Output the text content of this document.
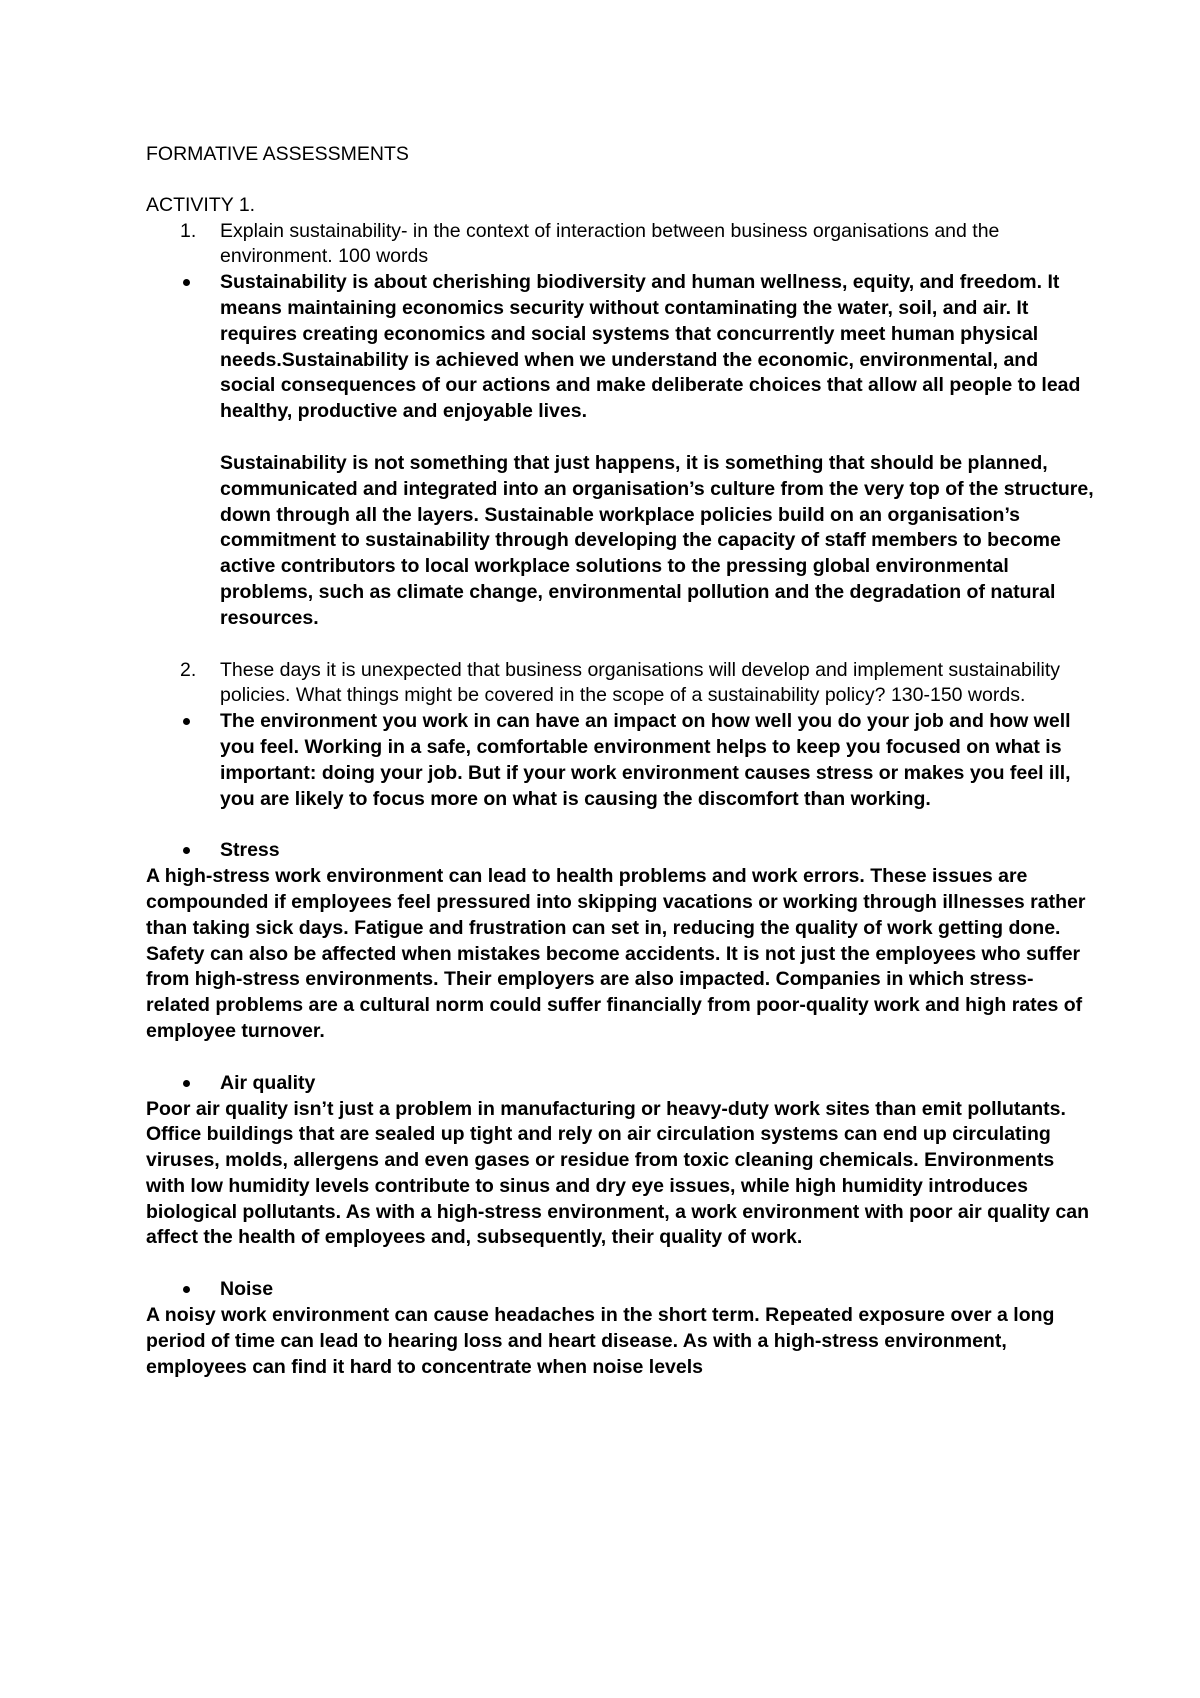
FORMATIVE ASSESSMENTS
ACTIVITY 1.
1. Explain sustainability- in the context of interaction between business organisations and the environment. 100 words

Sustainability is about cherishing biodiversity and human wellness, equity, and freedom. It means maintaining economics security without contaminating the water, soil, and air. It requires creating economics and social systems that concurrently meet human physical needs.Sustainability is achieved when we understand the economic, environmental, and social consequences of our actions and make deliberate choices that allow all people to lead healthy, productive and enjoyable lives.

Sustainability is not something that just happens, it is something that should be planned, communicated and integrated into an organisation’s culture from the very top of the structure, down through all the layers. Sustainable workplace policies build on an organisation’s commitment to sustainability through developing the capacity of staff members to become active contributors to local workplace solutions to the pressing global environmental problems, such as climate change, environmental pollution and the degradation of natural resources.

2. These days it is unexpected that business organisations will develop and implement sustainability policies. What things might be covered in the scope of a sustainability policy? 130-150 words.

The environment you work in can have an impact on how well you do your job and how well you feel. Working in a safe, comfortable environment helps to keep you focused on what is important: doing your job. But if your work environment causes stress or makes you feel ill, you are likely to focus more on what is causing the discomfort than working.

Stress

A high-stress work environment can lead to health problems and work errors. These issues are compounded if employees feel pressured into skipping vacations or working through illnesses rather than taking sick days. Fatigue and frustration can set in, reducing the quality of work getting done. Safety can also be affected when mistakes become accidents. It is not just the employees who suffer from high-stress environments. Their employers are also impacted. Companies in which stress-related problems are a cultural norm could suffer financially from poor-quality work and high rates of employee turnover.

Air quality

Poor air quality isn’t just a problem in manufacturing or heavy-duty work sites than emit pollutants. Office buildings that are sealed up tight and rely on air circulation systems can end up circulating viruses, molds, allergens and even gases or residue from toxic cleaning chemicals. Environments with low humidity levels contribute to sinus and dry eye issues, while high humidity introduces biological pollutants. As with a high-stress environment, a work environment with poor air quality can affect the health of employees and, subsequently, their quality of work.

Noise

A noisy work environment can cause headaches in the short term. Repeated exposure over a long period of time can lead to hearing loss and heart disease. As with a high-stress environment, employees can find it hard to concentrate when noise levels
